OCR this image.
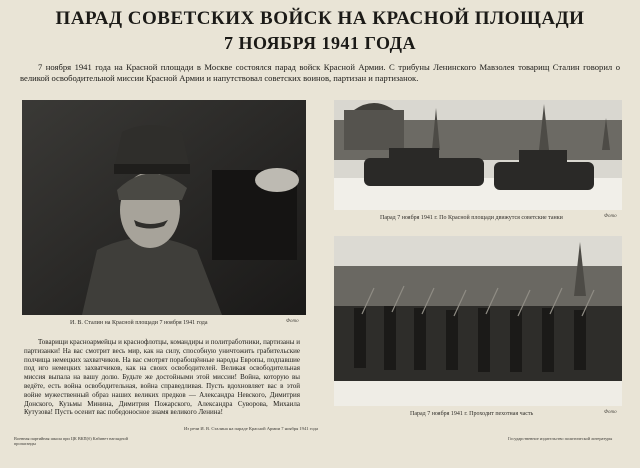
ПАРАД СОВЕТСКИХ ВОЙСК НА КРАСНОЙ ПЛОЩАДИ
7 НОЯБРЯ 1941 ГОДА
7 ноября 1941 года на Красной площади в Москве состоялся парад войск Красной Армии. С трибуны Ленинского Мавзолея товарищ Сталин говорил о великой освободительной миссии Красной Армии и напутствовал советских воинов, партизан и партизанок.
И. В. Сталин на Красной площади 7 ноября 1941 года	Фото
Парад 7 ноября 1941 г. По Красной площади движутся советские танки	Фото
Парад 7 ноября 1941 г. Проходит пехотная часть	Фото
Товарищи красноармейцы и краснофлотцы, командиры и политработники, партизаны и партизанки! На вас смотрит весь мир, как на силу, способную уничтожить грабительские полчища немецких захватчиков. На вас смотрят порабощённые народы Европы, подпавшие под иго немецких захватчиков, как на своих освободителей. Великая освободительная миссия выпала на вашу долю. Будьте же достойными этой миссии! Война, которую вы ведёте, есть война освободительная, война справедливая. Пусть вдохновляет вас в этой войне мужественный образ наших великих предков — Александра Невского, Димитрия Донского, Кузьмы Минина, Димитрия Пожарского, Александра Суворова, Михаила Кутузова! Пусть осенит вас победоносное знамя великого Ленина!
Из речи И. В. Сталина на параде Красной Армии 7 ноября 1941 года
Военная партийная школа при ЦК ВКП(б) Кабинет наглядной пропаганды
Государственное издательство политической литературы
